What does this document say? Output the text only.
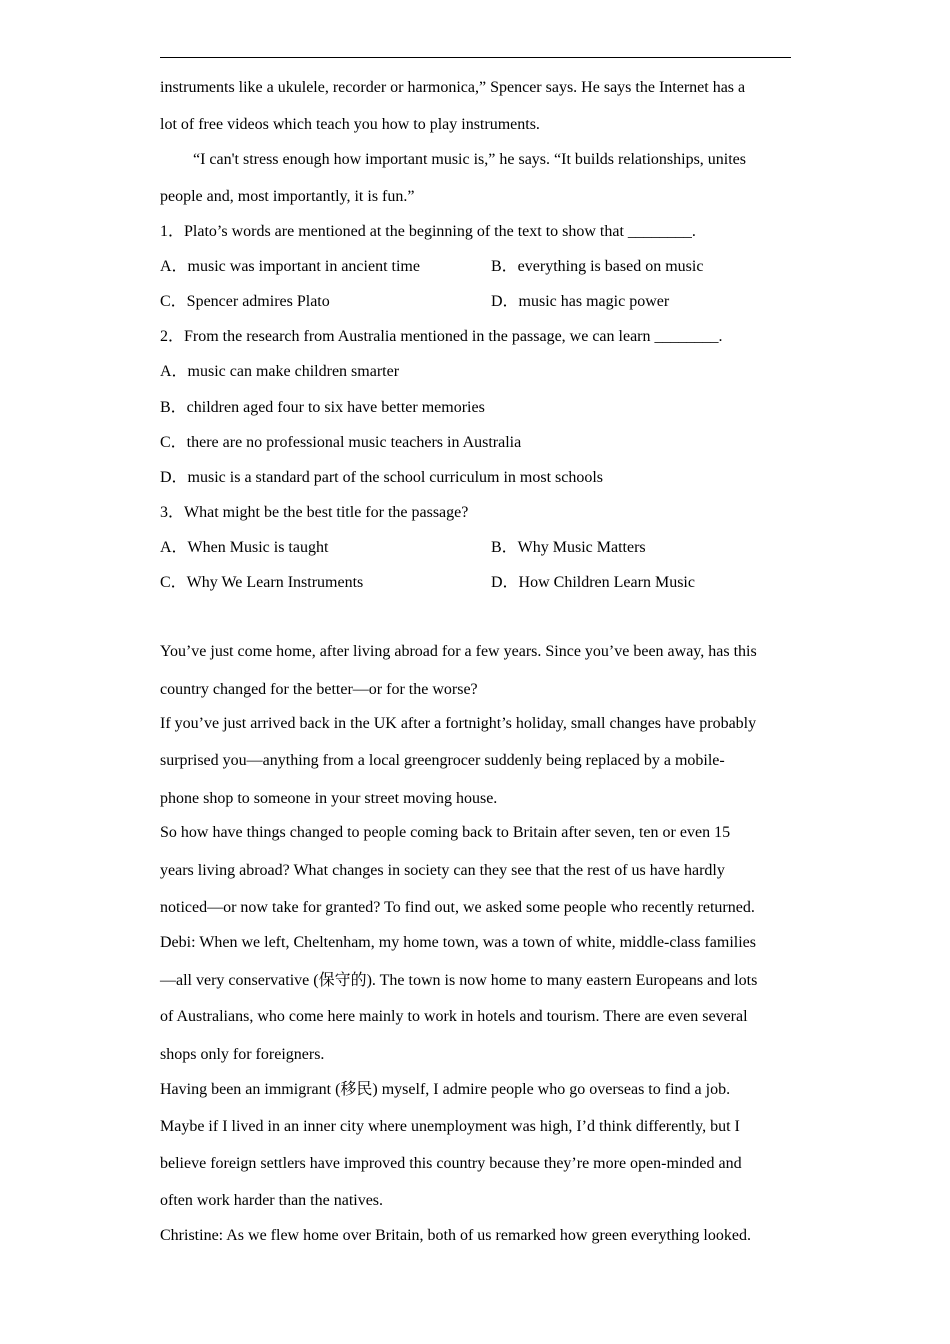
instruments like a ukulele, recorder or harmonica,” Spencer says. He says the Internet has a
lot of free videos which teach you how to play instruments.
“I can't stress enough how important music is,” he says. “It builds relationships, unites
people and, most importantly, it is fun.”
1．Plato’s words are mentioned at the beginning of the text to show that ________.
A．music was important in ancient time	B．everything is based on music
C．Spencer admires Plato	D．music has magic power
2．From the research from Australia mentioned in the passage, we can learn ________.
A．music can make children smarter
B．children aged four to six have better memories
C．there are no professional music teachers in Australia
D．music is a standard part of the school curriculum in most schools
3．What might be the best title for the passage?
A．When Music is taught	B．Why Music Matters
C．Why We Learn Instruments	D．How Children Learn Music
You’ve just come home, after living abroad for a few years. Since you’ve been away, has this
country changed for the better—or for the worse?
If you’ve just arrived back in the UK after a fortnight’s holiday, small changes have probably
surprised you—anything from a local greengrocer suddenly being replaced by a mobile-
phone shop to someone in your street moving house.
So how have things changed to people coming back to Britain after seven, ten or even 15
years living abroad? What changes in society can they see that the rest of us have hardly
noticed—or now take for granted? To find out, we asked some people who recently returned.
Debi: When we left, Cheltenham, my home town, was a town of white, middle-class families
—all very conservative (保守的). The town is now home to many eastern Europeans and lots
of Australians, who come here mainly to work in hotels and tourism. There are even several
shops only for foreigners.
Having been an immigrant (移民) myself, I admire people who go overseas to find a job.
Maybe if I lived in an inner city where unemployment was high, I’d think differently, but I
believe foreign settlers have improved this country because they’re more open-minded and
often work harder than the natives.
Christine: As we flew home over Britain, both of us remarked how green everything looked.
